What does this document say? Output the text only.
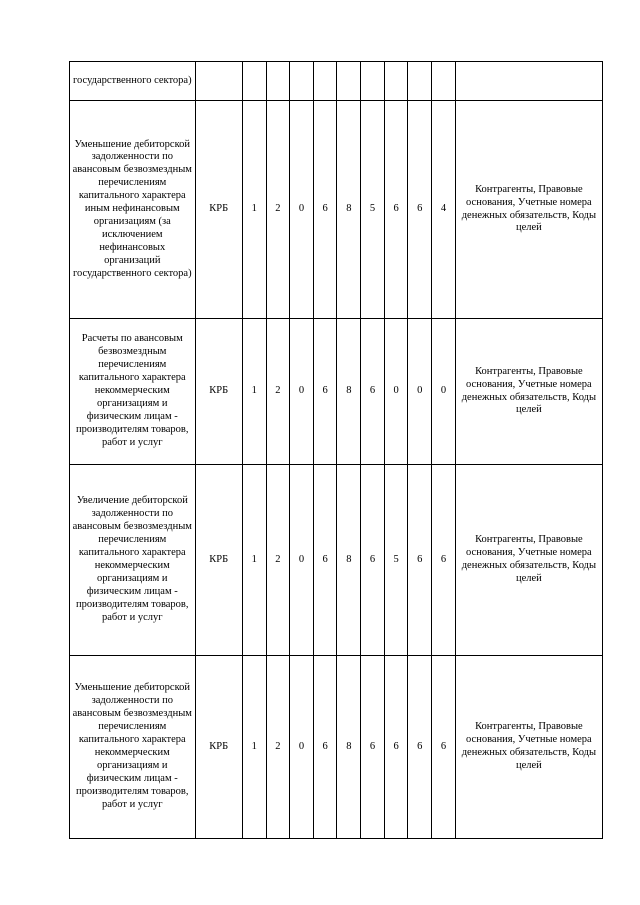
государственного сектора)											
Уменьшение дебиторской задолженности по авансовым безвозмездным перечислениям капитального характера иным нефинансовым организациям (за исключением нефинансовых организаций государственного сектора)	КРБ	1	2	0	6	8	5	6	6	4	Контрагенты, Правовые основания, Учетные номера денежных обязательств, Коды целей
Расчеты по авансовым безвозмездным перечислениям капитального характера некоммерческим организациям и физическим лицам - производителям товаров, работ и услуг	КРБ	1	2	0	6	8	6	0	0	0	Контрагенты, Правовые основания, Учетные номера денежных обязательств, Коды целей
Увеличение дебиторской задолженности по авансовым безвозмездным перечислениям капитального характера некоммерческим организациям и физическим лицам - производителям товаров, работ и услуг	КРБ	1	2	0	6	8	6	5	6	6	Контрагенты, Правовые основания, Учетные номера денежных обязательств, Коды целей
Уменьшение дебиторской задолженности по авансовым безвозмездным перечислениям капитального характера некоммерческим организациям и физическим лицам - производителям товаров, работ и услуг	КРБ	1	2	0	6	8	6	6	6	6	Контрагенты, Правовые основания, Учетные номера денежных обязательств, Коды целей
